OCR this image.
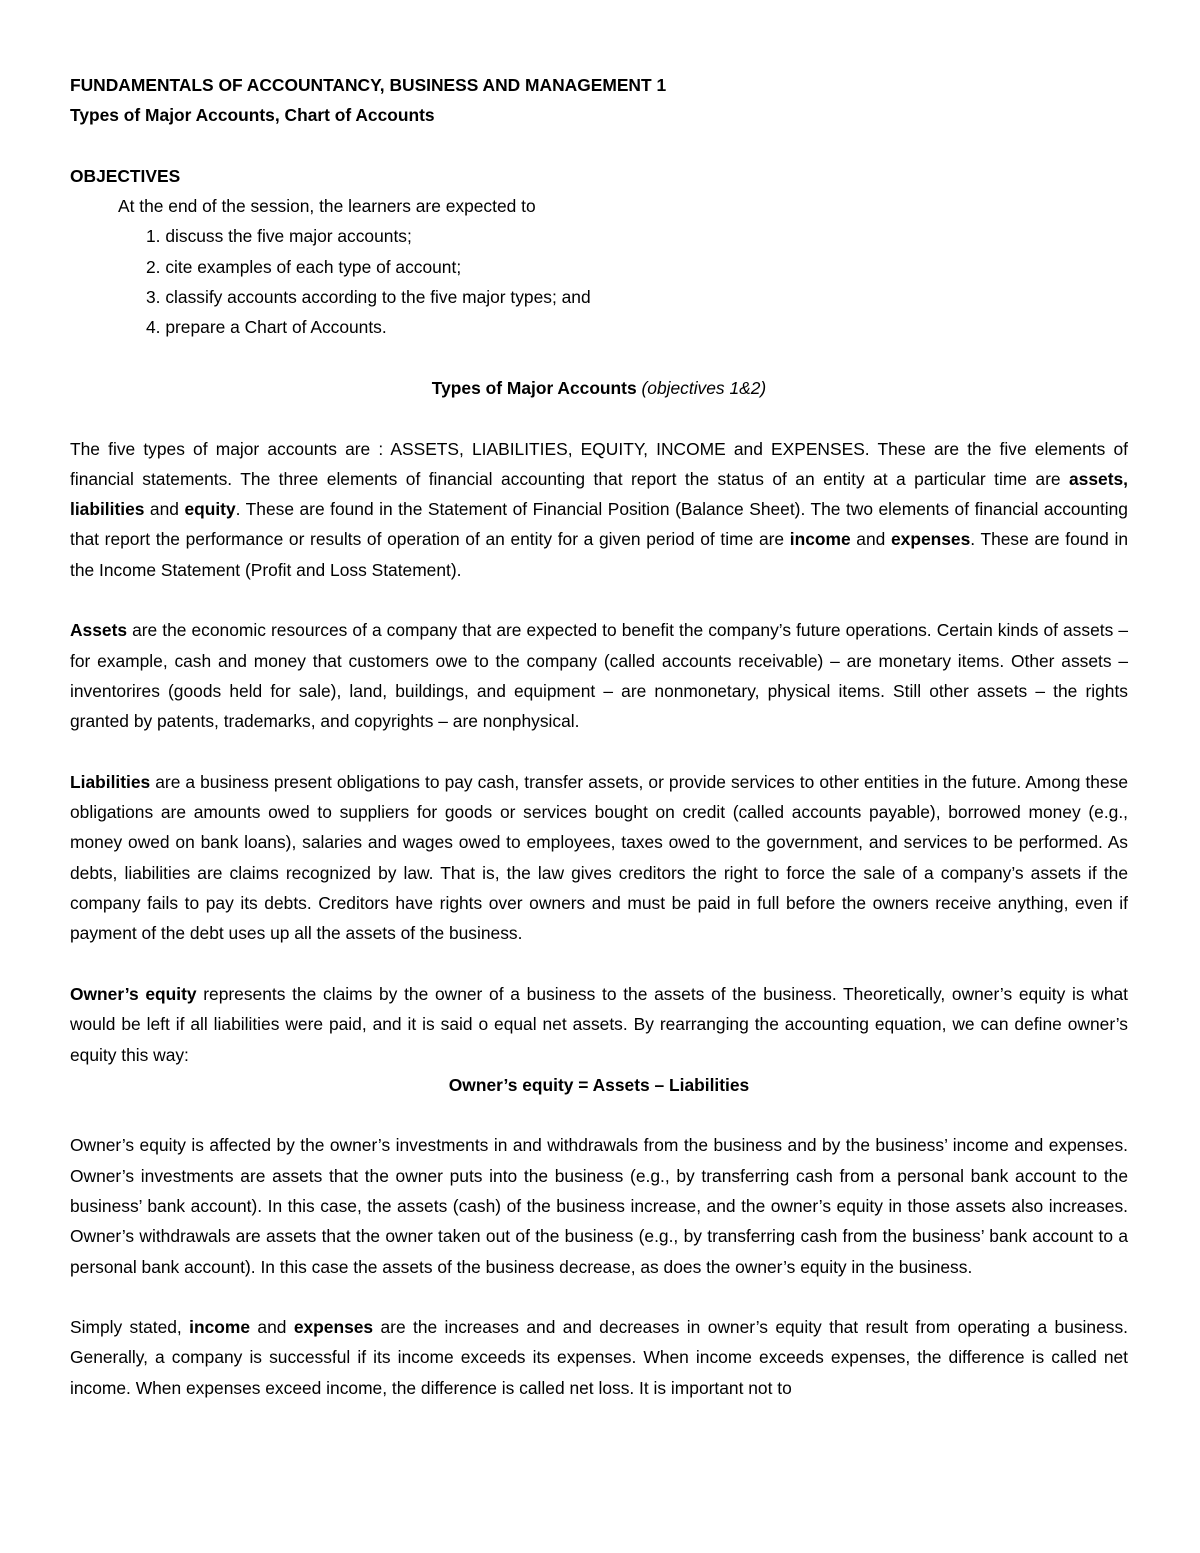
FUNDAMENTALS OF ACCOUNTANCY, BUSINESS AND MANAGEMENT 1
Types of Major Accounts, Chart of Accounts
OBJECTIVES
At the end of the session, the learners are expected to
1. discuss the five major accounts;
2. cite examples of each type of account;
3. classify accounts according to the five major types; and
4. prepare a Chart of Accounts.
Types of Major Accounts (objectives 1&2)

The five types of major accounts are : ASSETS, LIABILITIES, EQUITY, INCOME and EXPENSES. These are the five elements of financial statements. The three elements of financial accounting that report the status of an entity at a particular time are assets, liabilities and equity. These are found in the Statement of Financial Position (Balance Sheet). The two elements of financial accounting that report the performance or results of operation of an entity for a given period of time are income and expenses. These are found in the Income Statement (Profit and Loss Statement).

Assets are the economic resources of a company that are expected to benefit the company’s future operations. Certain kinds of assets – for example, cash and money that customers owe to the company (called accounts receivable) – are monetary items. Other assets – inventorires (goods held for sale), land, buildings, and equipment – are nonmonetary, physical items. Still other assets – the rights granted by patents, trademarks, and copyrights – are nonphysical.

Liabilities are a business present obligations to pay cash, transfer assets, or provide services to other entities in the future. Among these obligations are amounts owed to suppliers for goods or services bought on credit (called accounts payable), borrowed money (e.g., money owed on bank loans), salaries and wages owed to employees, taxes owed to the government, and services to be performed. As debts, liabilities are claims recognized by law. That is, the law gives creditors the right to force the sale of a company’s assets if the company fails to pay its debts. Creditors have rights over owners and must be paid in full before the owners receive anything, even if payment of the debt uses up all the assets of the business.

Owner’s equity represents the claims by the owner of a business to the assets of the business. Theoretically, owner’s equity is what would be left if all liabilities were paid, and it is said o equal net assets. By rearranging the accounting equation, we can define owner’s equity this way:

Owner’s equity = Assets – Liabilities

Owner’s equity is affected by the owner’s investments in and withdrawals from the business and by the business’ income and expenses. Owner’s investments are assets that the owner puts into the business (e.g., by transferring cash from a personal bank account to the business’ bank account). In this case, the assets (cash) of the business increase, and the owner’s equity in those assets also increases. Owner’s withdrawals are assets that the owner taken out of the business (e.g., by transferring cash from the business’ bank account to a personal bank account). In this case the assets of the business decrease, as does the owner’s equity in the business.

Simply stated, income and expenses are the increases and and decreases in owner’s equity that result from operating a business. Generally, a company is successful if its income exceeds its expenses. When income exceeds expenses, the difference is called net income. When expenses exceed income, the difference is called net loss. It is important not to
